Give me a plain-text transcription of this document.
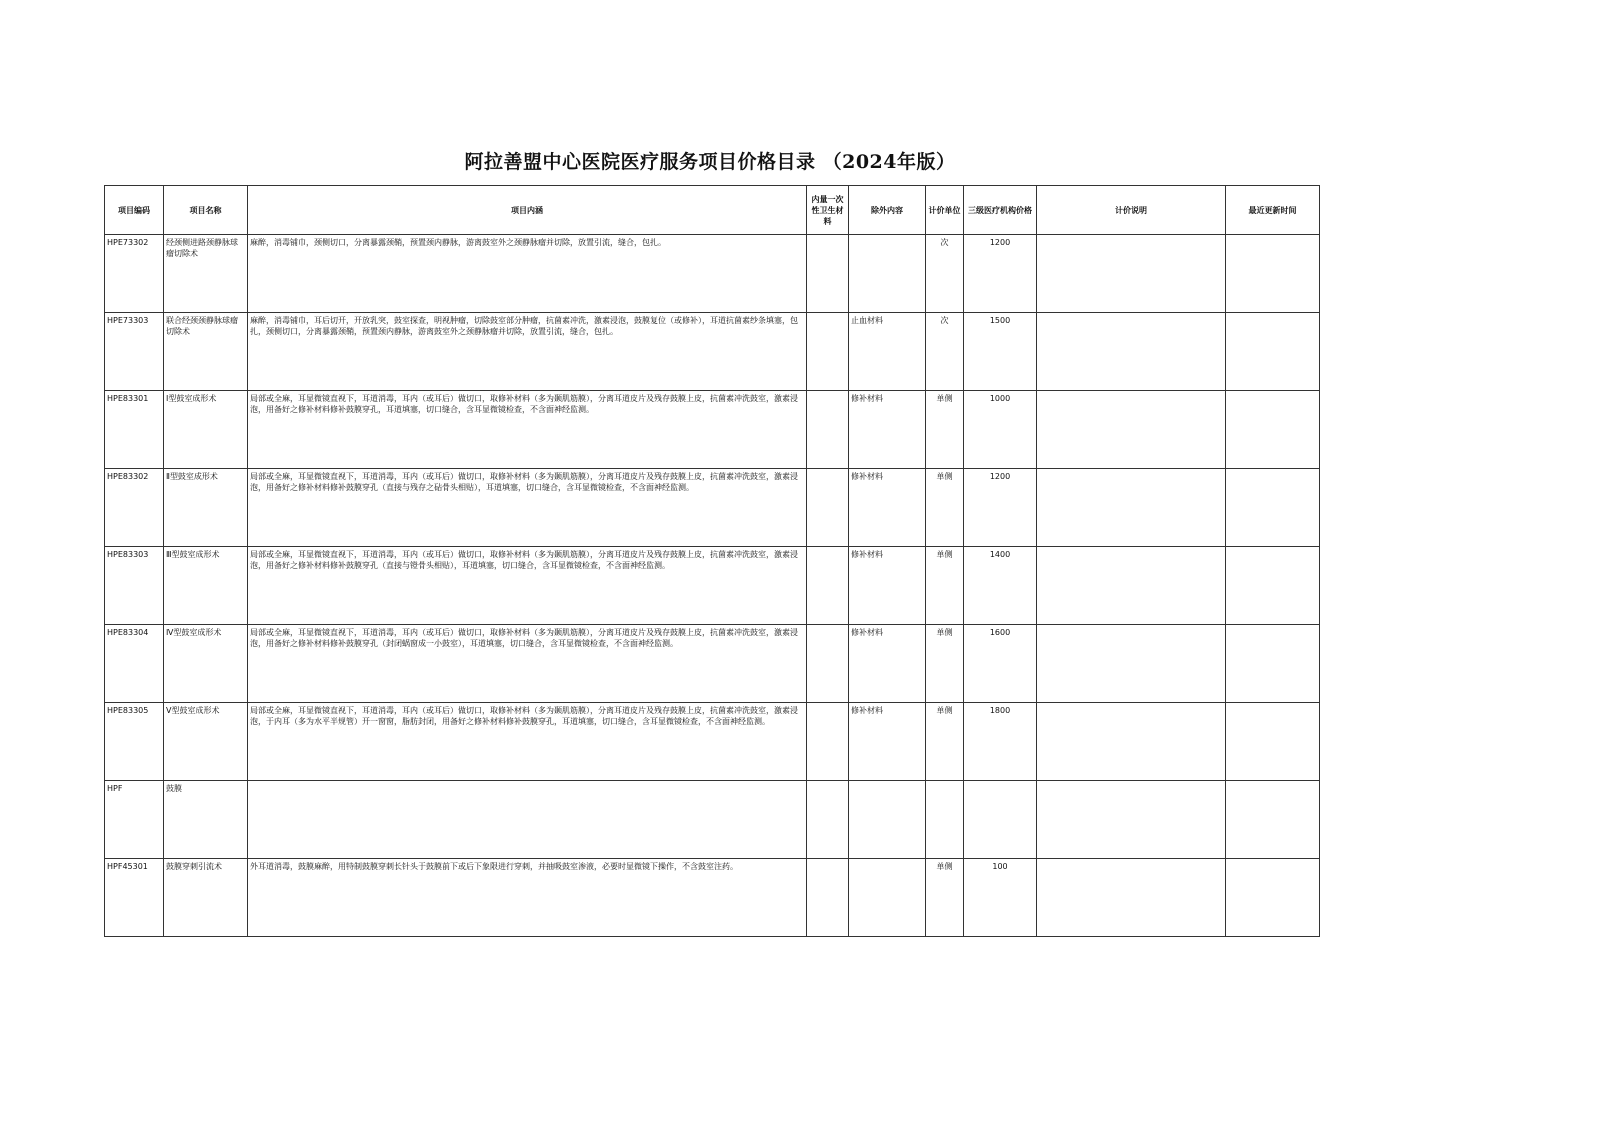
阿拉善盟中心医院医疗服务项目价格目录 （2024年版）
项目编码	项目名称	项目内涵	内量一次性卫生材料	除外内容	计价单位	三级医疗机构价格	计价说明	最近更新时间
HPE73302	经颈侧进路颈静脉球瘤切除术	麻醉，消毒铺巾，颈侧切口，分离暴露颈鞘，预置颈内静脉，游离鼓室外之颈静脉瘤并切除，放置引流，缝合，包扎。			次	1200		
HPE73303	联合经颈颈静脉球瘤切除术	麻醉，消毒铺巾，耳后切开，开放乳突，鼓室探查，明视肿瘤，切除鼓室部分肿瘤，抗菌素冲洗，激素浸泡，鼓膜复位（或修补），耳道抗菌素纱条填塞，包扎，颈侧切口，分离暴露颈鞘，预置颈内静脉，游离鼓室外之颈静脉瘤并切除，放置引流，缝合，包扎。		止血材料	次	1500		
HPE83301	Ⅰ型鼓室成形术	局部或全麻，耳显微镜直视下，耳道消毒，耳内（或耳后）做切口，取修补材料（多为颞肌筋膜），分离耳道皮片及残存鼓膜上皮，抗菌素冲洗鼓室，激素浸泡，用备好之修补材料修补鼓膜穿孔，耳道填塞，切口缝合，含耳显微镜检查，不含面神经监测。		修补材料	单侧	1000		
HPE83302	Ⅱ型鼓室成形术	局部或全麻，耳显微镜直视下，耳道消毒，耳内（或耳后）做切口，取修补材料（多为颞肌筋膜），分离耳道皮片及残存鼓膜上皮，抗菌素冲洗鼓室，激素浸泡，用备好之修补材料修补鼓膜穿孔（直接与残存之砧骨头相贴），耳道填塞，切口缝合，含耳显微镜检查，不含面神经监测。		修补材料	单侧	1200		
HPE83303	Ⅲ型鼓室成形术	局部或全麻，耳显微镜直视下，耳道消毒，耳内（或耳后）做切口，取修补材料（多为颞肌筋膜），分离耳道皮片及残存鼓膜上皮，抗菌素冲洗鼓室，激素浸泡，用备好之修补材料修补鼓膜穿孔（直接与镫骨头相贴），耳道填塞，切口缝合，含耳显微镜检查，不含面神经监测。		修补材料	单侧	1400		
HPE83304	Ⅳ型鼓室成形术	局部或全麻，耳显微镜直视下，耳道消毒，耳内（或耳后）做切口，取修补材料（多为颞肌筋膜），分离耳道皮片及残存鼓膜上皮，抗菌素冲洗鼓室，激素浸泡，用备好之修补材料修补鼓膜穿孔（封闭蜗窗成一小鼓室），耳道填塞，切口缝合，含耳显微镜检查，不含面神经监测。		修补材料	单侧	1600		
HPE83305	Ⅴ型鼓室成形术	局部或全麻，耳显微镜直视下，耳道消毒，耳内（或耳后）做切口，取修补材料（多为颞肌筋膜），分离耳道皮片及残存鼓膜上皮，抗菌素冲洗鼓室，激素浸泡，于内耳（多为水平半规管）开一窗窗，脂肪封闭，用备好之修补材料修补鼓膜穿孔，耳道填塞，切口缝合，含耳显微镜检查，不含面神经监测。		修补材料	单侧	1800		
HPF	鼓膜							
HPF45301	鼓膜穿刺引流术	外耳道消毒，鼓膜麻醉，用特制鼓膜穿刺长针头于鼓膜前下或后下象限进行穿刺，并抽吸鼓室渗液，必要时显微镜下操作，不含鼓室注药。			单侧	100		
